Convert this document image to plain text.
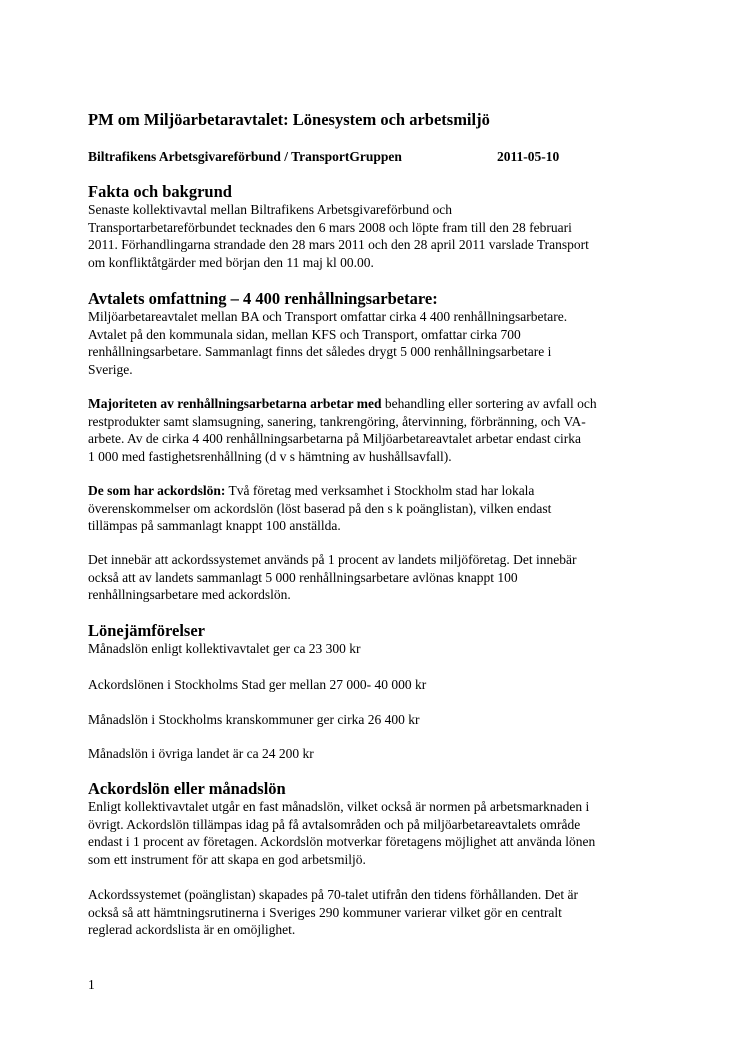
PM om Miljöarbetaravtalet: Lönesystem och arbetsmiljö
Biltrafikens Arbetsgivareförbund / TransportGruppen	2011-05-10
Fakta och bakgrund
Senaste kollektivavtal mellan Biltrafikens Arbetsgivareförbund och
Transportarbetareförbundet tecknades den 6 mars 2008 och löpte fram till den 28 februari
2011. Förhandlingarna strandade den 28 mars 2011 och den 28 april 2011 varslade Transport
om konfliktåtgärder med början den 11 maj kl 00.00.
Avtalets omfattning – 4 400 renhållningsarbetare:
Miljöarbetareavtalet mellan BA och Transport omfattar cirka 4 400 renhållningsarbetare.
Avtalet på den kommunala sidan, mellan KFS och Transport, omfattar cirka 700
renhållningsarbetare. Sammanlagt finns det således drygt 5 000 renhållningsarbetare i
Sverige.
Majoriteten av renhållningsarbetarna arbetar med behandling eller sortering av avfall och
restprodukter samt slamsugning, sanering, tankrengöring, återvinning, förbränning, och VA-
arbete. Av de cirka 4 400 renhållningsarbetarna på Miljöarbetareavtalet arbetar endast cirka
1 000 med fastighetsrenhållning (d v s hämtning av hushållsavfall).
De som har ackordslön: Två företag med verksamhet i Stockholm stad har lokala
överenskommelser om ackordslön (löst baserad på den s k poänglistan), vilken endast
tillämpas på sammanlagt knappt 100 anställda.
Det innebär att ackordssystemet används på 1 procent av landets miljöföretag. Det innebär
också att av landets sammanlagt 5 000 renhållningsarbetare avlönas knappt 100
renhållningsarbetare med ackordslön.
Lönejämförelser
Månadslön enligt kollektivavtalet ger ca 23 300 kr
Ackordslönen i Stockholms Stad ger mellan 27 000- 40 000 kr
Månadslön i Stockholms kranskommuner ger cirka 26 400 kr
Månadslön i övriga landet är ca 24 200 kr
Ackordslön eller månadslön
Enligt kollektivavtalet utgår en fast månadslön, vilket också är normen på arbetsmarknaden i
övrigt. Ackordslön tillämpas idag på få avtalsområden och på miljöarbetareavtalets område
endast i 1 procent av företagen. Ackordslön motverkar företagens möjlighet att använda lönen
som ett instrument för att skapa en god arbetsmiljö.
Ackordssystemet (poänglistan) skapades på 70-talet utifrån den tidens förhållanden. Det är
också så att hämtningsrutinerna i Sveriges 290 kommuner varierar vilket gör en centralt
reglerad ackordslista är en omöjlighet.
1
